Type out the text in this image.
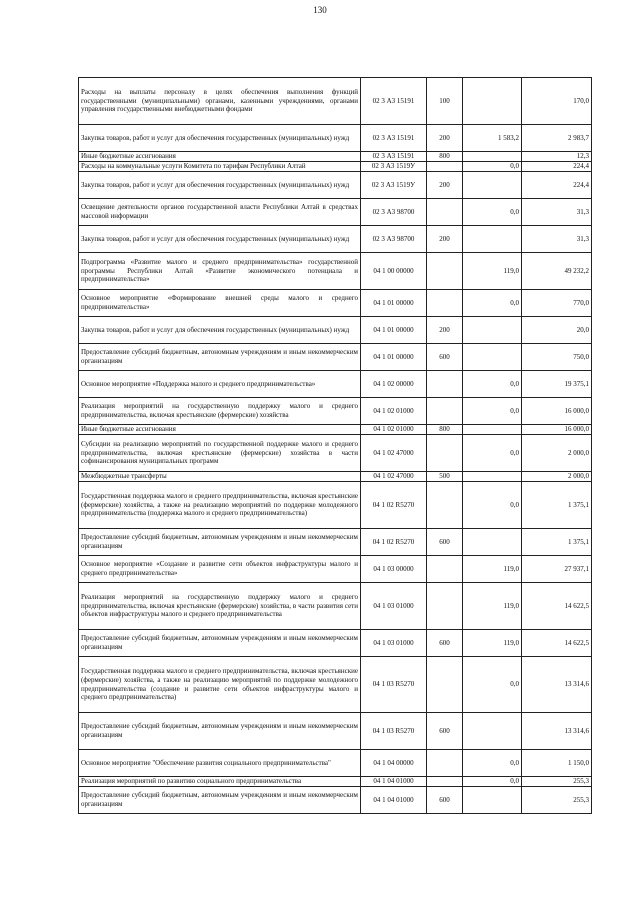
130
Расходы на выплаты персоналу в целях обеспечения выполнения функций государственными (муниципальными) органами, казенными учреждениями, органами управления государственными внебюджетными фондами	02 3 А3 15191	100		170,0
Закупка товаров, работ и услуг для обеспечения государственных (муниципальных) нужд	02 3 А3 15191	200	1 583,2	2 983,7
Иные бюджетные ассигнования	02 3 А3 15191	800		12,3
Расходы на коммунальные услуги Комитета по тарифам Республики Алтай	02 3 А3 1519У		0,0	224,4
Закупка товаров, работ и услуг для обеспечения государственных (муниципальных) нужд	02 3 А3 1519У	200		224,4
Освещение деятельности органов государственной власти Республики Алтай в средствах массовой информации	02 3 А3 98700		0,0	31,3
Закупка товаров, работ и услуг для обеспечения государственных (муниципальных) нужд	02 3 А3 98700	200		31,3
Подпрограмма «Развитие малого и среднего предпринимательства» государственной программы Республики Алтай «Развитие экономического потенциала и предпринимательства»	04 1 00 00000		119,0	49 232,2
Основное мероприятие «Формирование внешней среды малого и среднего предпринимательства»	04 1 01 00000		0,0	770,0
Закупка товаров, работ и услуг для обеспечения государственных (муниципальных) нужд	04 1 01 00000	200		20,0
Предоставление субсидий бюджетным, автономным учреждениям и иным некоммерческим организациям	04 1 01 00000	600		750,0
Основное мероприятие «Поддержка малого и среднего предпринимательства»	04 1 02 00000		0,0	19 375,1
Реализация мероприятий на государственную поддержку малого и среднего предпринимательства, включая крестьянские (фермерские) хозяйства	04 1 02 01000		0,0	16 000,0
Иные бюджетные ассигнования	04 1 02 01000	800		16 000,0
Субсидии на реализацию мероприятий по государственной поддержке малого и среднего предпринимательства, включая крестьянские (фермерские) хозяйства в части софинансирования муниципальных программ	04 1 02 47000		0,0	2 000,0
Межбюджетные трансферты	04 1 02 47000	500		2 000,0
Государственная поддержка малого и среднего предпринимательства, включая крестьянские (фермерские) хозяйства, а также на реализацию мероприятий по поддержке молодежного предпринимательства (поддержка малого и среднего предпринимательства)	04 1 02 R5270		0,0	1 375,1
Предоставление субсидий бюджетным, автономным учреждениям и иным некоммерческим организациям	04 1 02 R5270	600		1 375,1
Основное мероприятие «Создание и развитие сети объектов инфраструктуры малого и среднего предпринимательства»	04 1 03 00000		119,0	27 937,1
Реализация мероприятий на государственную поддержку малого и среднего предпринимательства, включая крестьянские (фермерские) хозяйства, в части развития сети объектов инфраструктуры малого и среднего предпринимательства	04 1 03 01000		119,0	14 622,5
Предоставление субсидий бюджетным, автономным учреждениям и иным некоммерческим организациям	04 1 03 01000	600	119,0	14 622,5
Государственная поддержка малого и среднего предпринимательства, включая крестьянские (фермерские) хозяйства, а также на реализацию мероприятий по поддержке молодежного предпринимательства (создание и развитие сети объектов инфраструктуры малого и среднего предпринимательства)	04 1 03 R5270		0,0	13 314,6
Предоставление субсидий бюджетным, автономным учреждениям и иным некоммерческим организациям	04 1 03 R5270	600		13 314,6
Основное мероприятие "Обеспечение развития социального предпринимательства"	04 1 04 00000		0,0	1 150,0
Реализация мероприятий по развитию социального предпринимательства	04 1 04 01000		0,0	255,3
Предоставление субсидий бюджетным, автономным учреждениям и иным некоммерческим организациям	04 1 04 01000	600		255,3
